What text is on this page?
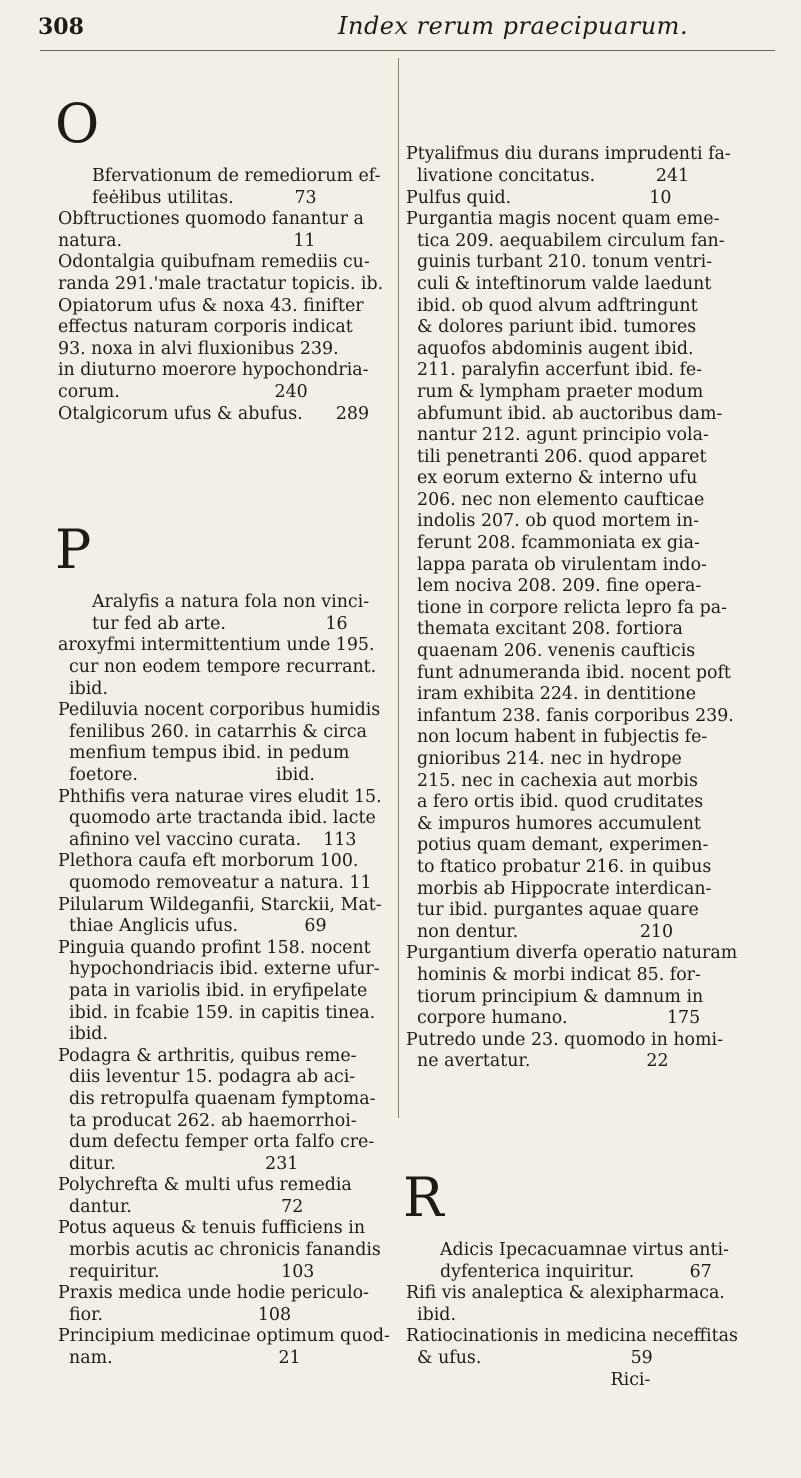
308	Index rerum praecipuarum.

O

Bfervationum de remediorum ef-
feėłibus utilitas.           73
Obftructiones quomodo fanantur a
natura.                               11
Odontalgia quibufnam remediis cu-
randa 291.'male tractatur topicis. ib.
Opiatorum ufus & noxa 43. finifter
effectus naturam corporis indicat
93. noxa in alvi fluxionibus 239.
in diuturno moerore hypochondria-
corum.                            240
Otalgicorum ufus & abufus.      289

P

Aralyfis a natura fola non vinci-
tur fed ab arte.                  16
aroxyfmi intermittentium unde 195.
cur non eodem tempore recurrant.
ibid.
Pediluvia nocent corporibus humidis
fenilibus 260. in catarrhis & circa
menfium tempus ibid. in pedum
foetore.                         ibid.
Phthifis vera naturae vires eludit 15.
quomodo arte tractanda ibid. lacte
afinino vel vaccino curata.    113
Plethora caufa eft morborum 100.
quomodo removeatur a natura. 11
Pilularum Wildeganfii, Starckii, Mat-
thiae Anglicis ufus.            69
Pinguia quando profint 158. nocent
hypochondriacis ibid. externe ufur-
pata in variolis ibid. in eryfipelate
ibid. in fcabie 159. in capitis tinea.
ibid.
Podagra & arthritis, quibus reme-
diis leventur 15. podagra ab aci-
dis retropulfa quaenam fymptoma-
ta producat 262. ab haemorrhoi-
dum defectu femper orta falfo cre-
ditur.                           231
Polychrefta & multi ufus remedia
dantur.                           72
Potus aqueus & tenuis fufficiens in
morbis acutis ac chronicis fanandis
requiritur.                      103
Praxis medica unde hodie periculo-
fior.                            108
Principium medicinae optimum quod-
nam.                              21

Ptyalifmus diu durans imprudenti fa-
livatione concitatus.           241
Pulfus quid.                         10
Purgantia magis nocent quam eme-
tica 209. aequabilem circulum fan-
guinis turbant 210. tonum ventri-
culi & inteftinorum valde laedunt
ibid. ob quod alvum adftringunt
& dolores pariunt ibid. tumores
aquofos abdominis augent ibid.
211. paralyfin accerfunt ibid. fe-
rum & lympham praeter modum
abfumunt ibid. ab auctoribus dam-
nantur 212. agunt principio vola-
tili penetranti 206. quod apparet
ex eorum externo & interno ufu
206. nec non elemento caufticae
indolis 207. ob quod mortem in-
ferunt 208. fcammoniata ex gia-
lappa parata ob virulentam indo-
lem nociva 208. 209. fine opera-
tione in corpore relicta lepro fa pa-
themata excitant 208. fortiora
quaenam 206. venenis caufticis
funt adnumeranda ibid. nocent poft
iram exhibita 224. in dentitione
infantum 238. fanis corporibus 239.
non locum habent in fubjectis fe-
gnioribus 214. nec in hydrope
215. nec in cachexia aut morbis
a fero ortis ibid. quod cruditates
& impuros humores accumulent
potius quam demant, experimen-
to ftatico probatur 216. in quibus
morbis ab Hippocrate interdican-
tur ibid. purgantes aquae quare
non dentur.                      210
Purgantium diverfa operatio naturam
hominis & morbi indicat 85. for-
tiorum principium & damnum in
corpore humano.                  175
Putredo unde 23. quomodo in homi-
ne avertatur.                     22

R

Adicis Ipecacuamnae virtus anti-
dyfenterica inquiritur.          67
Rifi vis analeptica & alexipharmaca.
ibid.
Ratiocinationis in medicina neceffitas
& ufus.                           59
Rici-
